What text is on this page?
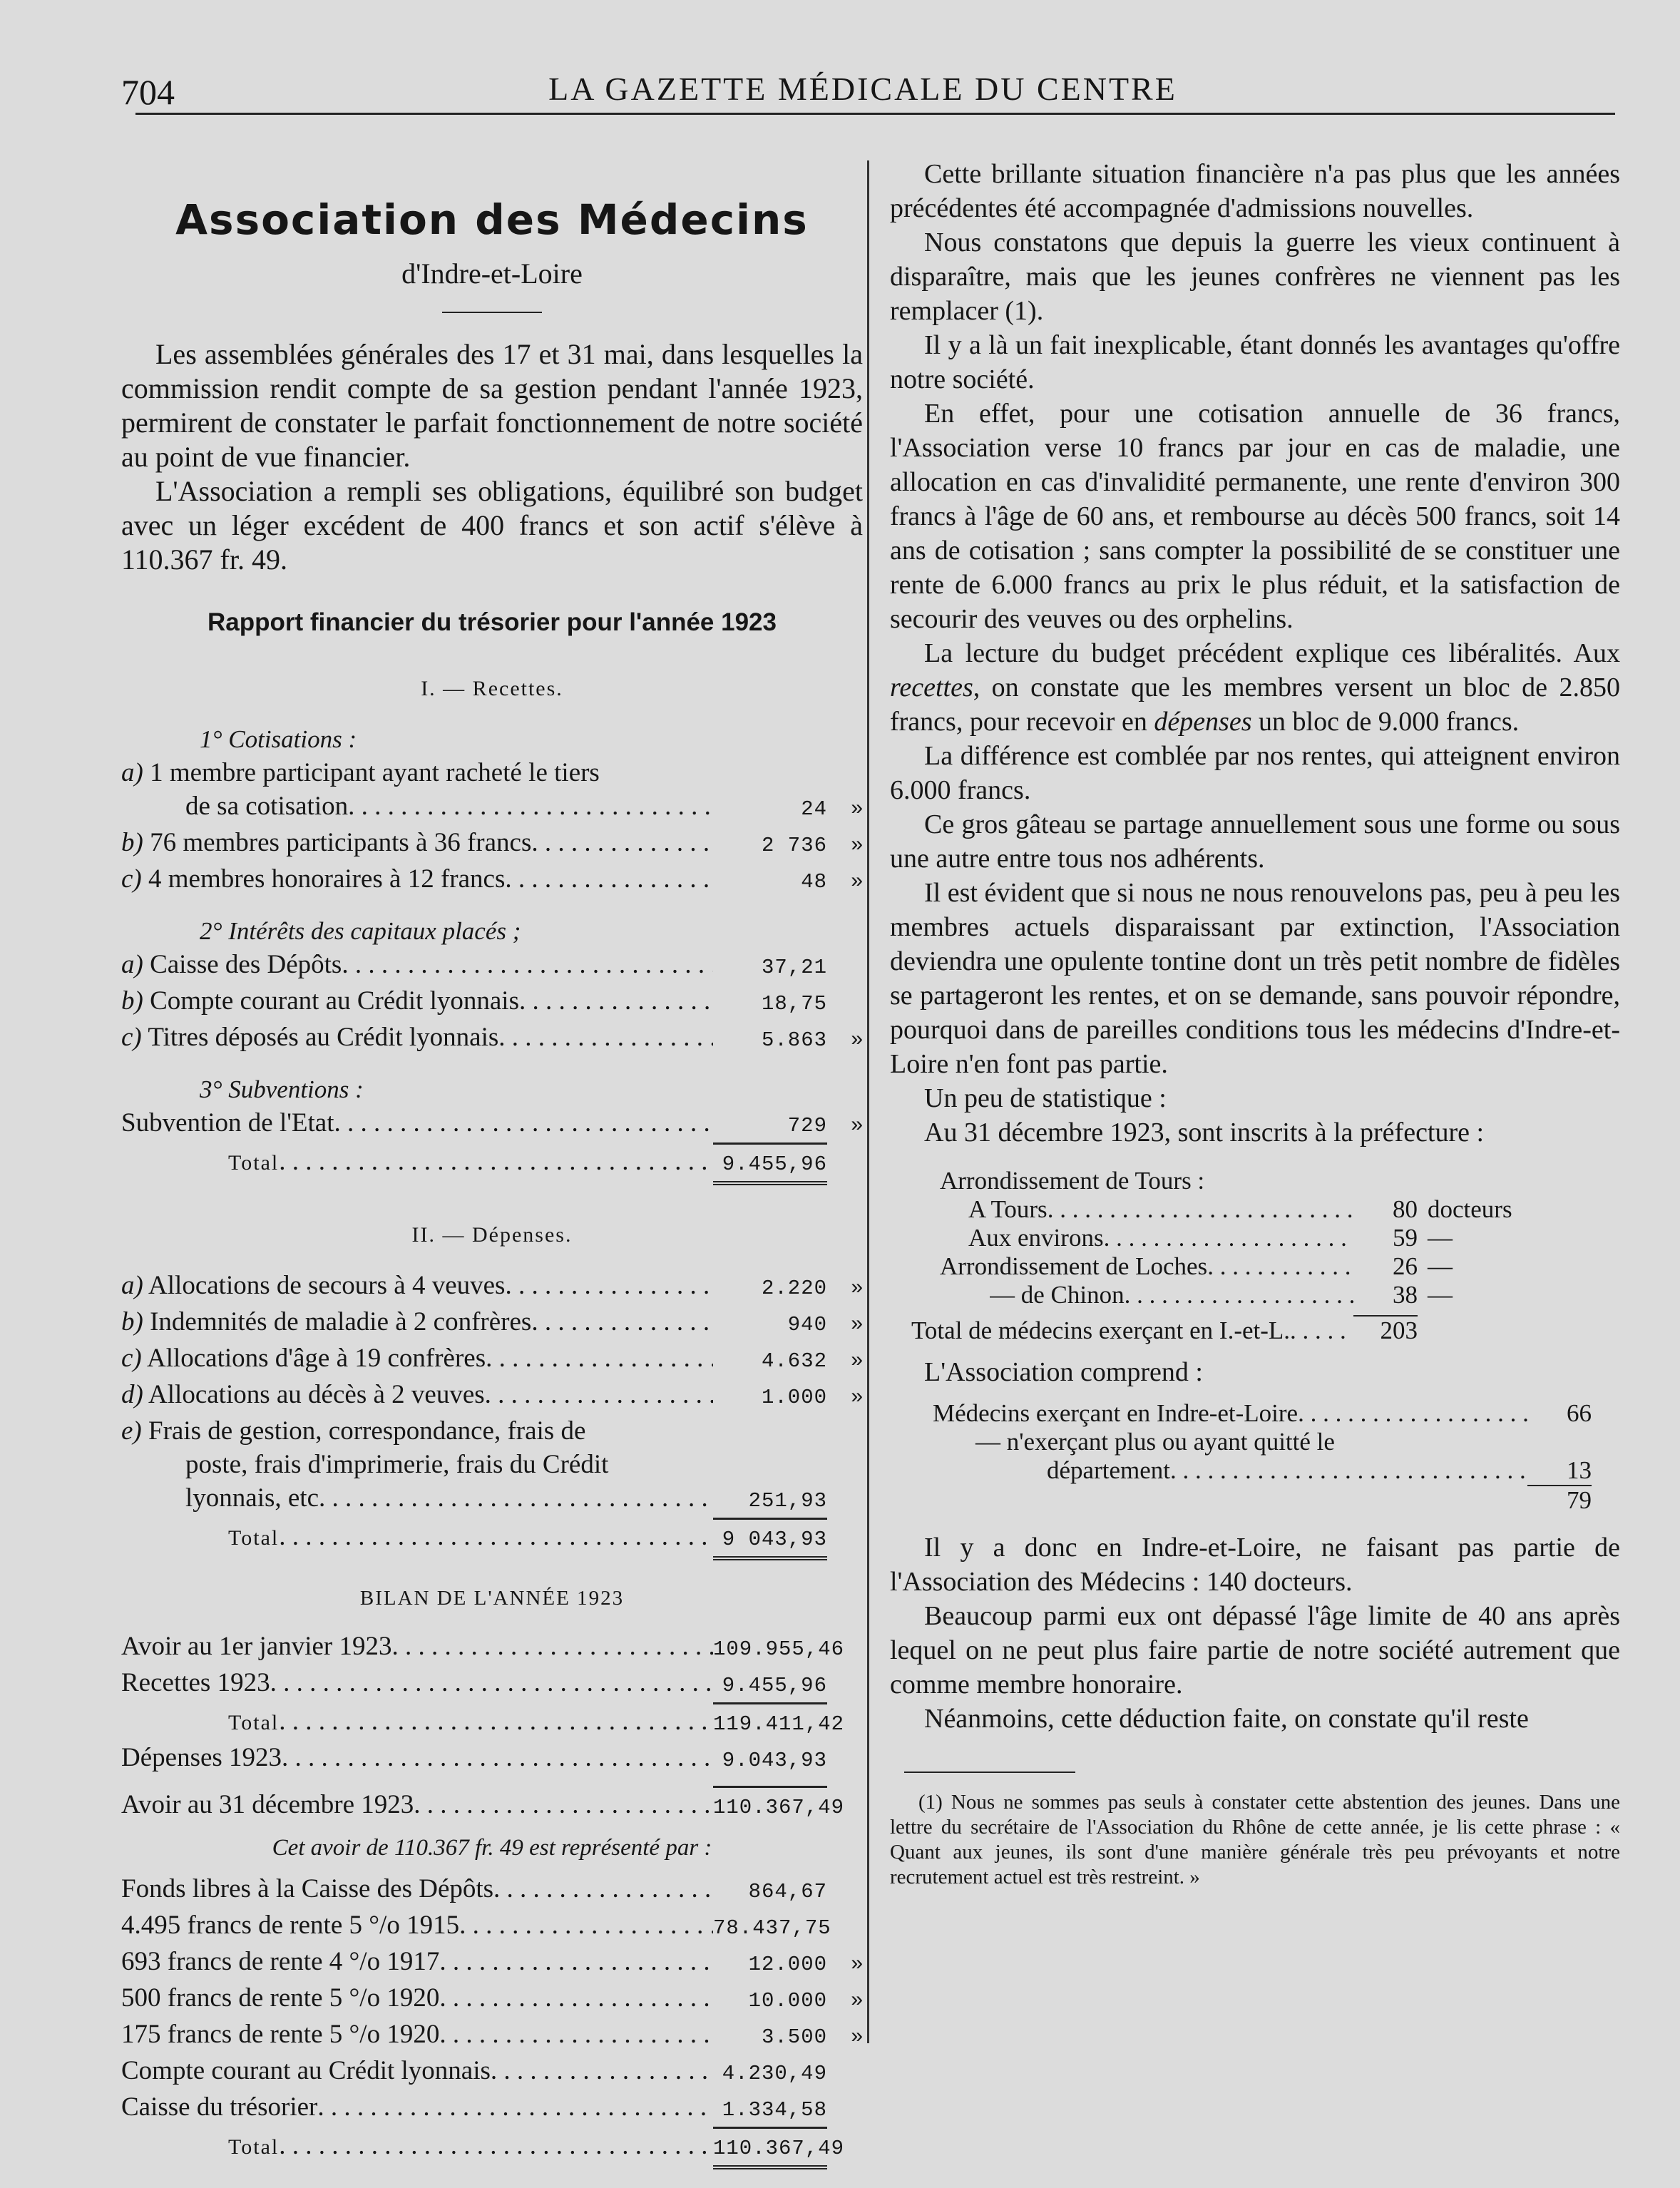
704	LA GAZETTE MÉDICALE DU CENTRE
Association des Médecins
d'Indre-et-Loire

Les assemblées générales des 17 et 31 mai, dans lesquelles la commission rendit compte de sa gestion pendant l'année 1923, permirent de constater le parfait fonctionnement de notre société au point de vue financier.

L'Association a rempli ses obligations, équilibré son budget avec un léger excédent de 400 francs et son actif s'élève à 110.367 fr. 49.

Rapport financier du trésorier pour l'année 1923
I. — Recettes.
1° Cotisations :
a) 1 membre participant ayant racheté le tiers
de sa cotisation . . .	24	»
b) 76 membres participants à 36 francs . . .	2 736	»
c) 4 membres honoraires à 12 francs . . .	48	»
2° Intérêts des capitaux placés ;
a) Caisse des Dépôts . . .	37,21
b) Compte courant au Crédit lyonnais . . .	18,75
c) Titres déposés au Crédit lyonnais . . .	5.863	»
3° Subventions :
Subvention de l'Etat . . .	729	»
Total . . .	9.455,96
II. — Dépenses.
a) Allocations de secours à 4 veuves . . .	2.220	»
b) Indemnités de maladie à 2 confrères . . .	940	»
c) Allocations d'âge à 19 confrères . . .	4.632	»
d) Allocations au décès à 2 veuves . . .	1.000	»
e) Frais de gestion, correspondance, frais de
poste, frais d'imprimerie, frais du Crédit
lyonnais, etc . . .	251,93
Total . . .	9 043,93
BILAN DE L'ANNÉE 1923
Avoir au 1er janvier 1923 . . .	109.955,46
Recettes 1923 . . .	9.455,96
Total . . .	119.411,42
Dépenses 1923 . . .	9.043,93
Avoir au 31 décembre 1923 . . .	110.367,49
Cet avoir de 110.367 fr. 49 est représenté par :
Fonds libres à la Caisse des Dépôts . . .	864,67
4.495 francs de rente 5 °/o 1915 . . .	78.437,75
693 francs de rente 4 °/o 1917 . . .	12.000	»
500 francs de rente 5 °/o 1920 . . .	10.000	»
175 francs de rente 5 °/o 1920 . . .	3.500	»
Compte courant au Crédit lyonnais . . .	4.230,49
Caisse du trésorier . . .	1.334,58
Total . . .	110.367,49

Cette brillante situation financière n'a pas plus que les années précédentes été accompagnée d'admissions nouvelles.

Nous constatons que depuis la guerre les vieux continuent à disparaître, mais que les jeunes confrères ne viennent pas les remplacer (1).

Il y a là un fait inexplicable, étant donnés les avantages qu'offre notre société.

En effet, pour une cotisation annuelle de 36 francs, l'Association verse 10 francs par jour en cas de maladie, une allocation en cas d'invalidité permanente, une rente d'environ 300 francs à l'âge de 60 ans, et rembourse au décès 500 francs, soit 14 ans de cotisation ; sans compter la possibilité de se constituer une rente de 6.000 francs au prix le plus réduit, et la satisfaction de secourir des veuves ou des orphelins.

La lecture du budget précédent explique ces libéralités. Aux recettes, on constate que les membres versent un bloc de 2.850 francs, pour recevoir en dépenses un bloc de 9.000 francs.

La différence est comblée par nos rentes, qui atteignent environ 6.000 francs.

Ce gros gâteau se partage annuellement sous une forme ou sous une autre entre tous nos adhérents.

Il est évident que si nous ne nous renouvelons pas, peu à peu les membres actuels disparaissant par extinction, l'Association deviendra une opulente tontine dont un très petit nombre de fidèles se partageront les rentes, et on se demande, sans pouvoir répondre, pourquoi dans de pareilles conditions tous les médecins d'Indre-et-Loire n'en font pas partie.

Un peu de statistique :

Au 31 décembre 1923, sont inscrits à la préfecture :

Arrondissement de Tours :
A Tours . . .	80 docteurs
Aux environs . . .	59 —
Arrondissement de Loches . . .	26 —
— de Chinon . . .	38 —
Total de médecins exerçant en I.-et-L. . . .	203

L'Association comprend :

Médecins exerçant en Indre-et-Loire . . .	66
— n'exerçant plus ou ayant quitté le
département . . .	13
79

Il y a donc en Indre-et-Loire, ne faisant pas partie de l'Association des Médecins : 140 docteurs.

Beaucoup parmi eux ont dépassé l'âge limite de 40 ans après lequel on ne peut plus faire partie de notre société autrement que comme membre honoraire.

Néanmoins, cette déduction faite, on constate qu'il reste

(1) Nous ne sommes pas seuls à constater cette abstention des jeunes. Dans une lettre du secrétaire de l'Association du Rhône de cette année, je lis cette phrase : « Quant aux jeunes, ils sont d'une manière générale très peu prévoyants et notre recrutement actuel est très restreint. »
